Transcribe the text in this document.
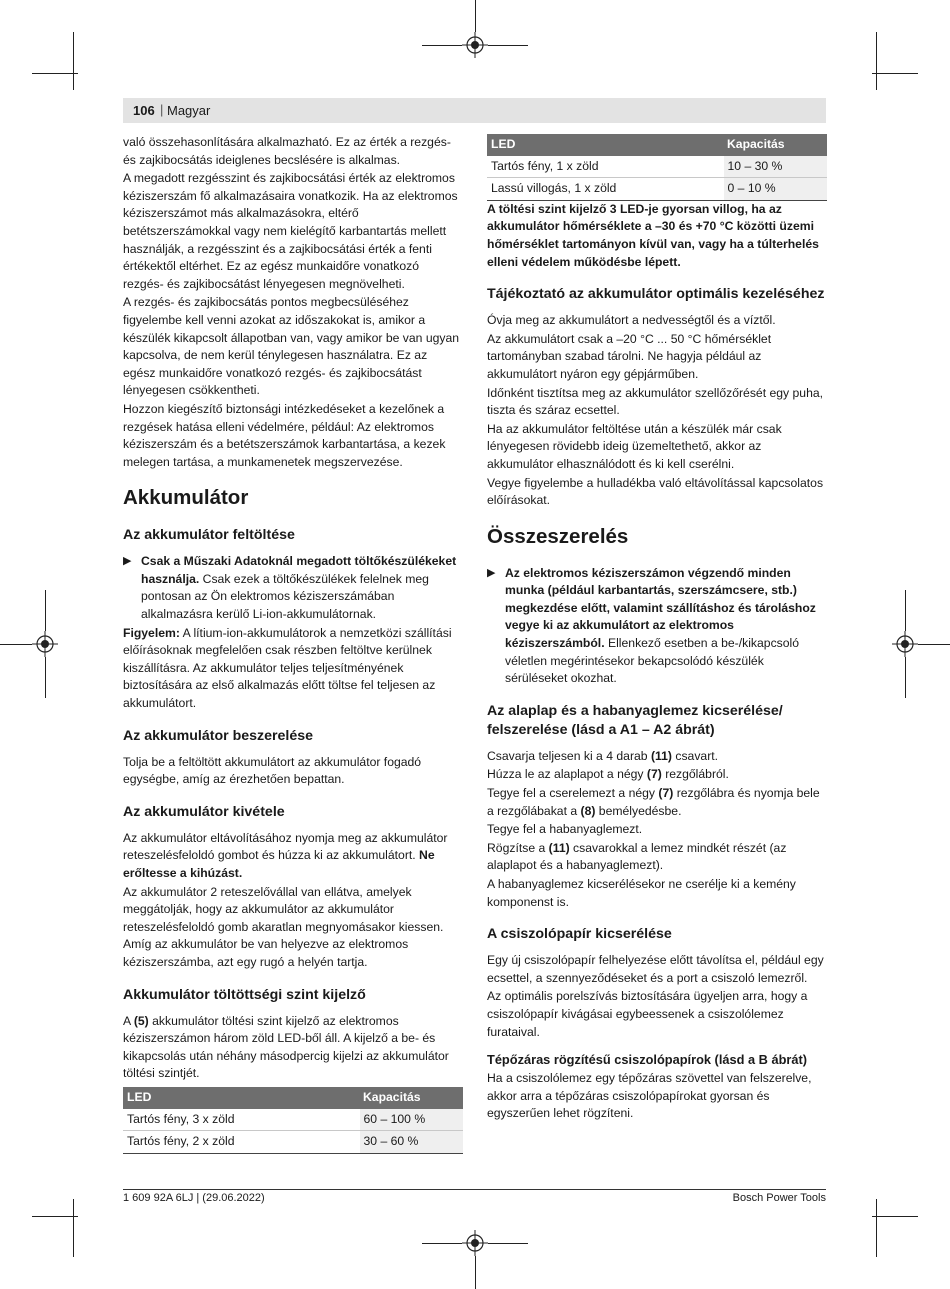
106 | Magyar

való összehasonlítására alkalmazható. Ez az érték a rezgés- és zajkibocsátás ideiglenes becslésére is alkalmas.

A megadott rezgésszint és zajkibocsátási érték az elektromos kéziszerszám fő alkalmazásaira vonatkozik. Ha az elektromos kéziszerszámot más alkalmazásokra, eltérő betétszerszámokkal vagy nem kielégítő karbantartás mellett használják, a rezgésszint és a zajkibocsátási érték a fenti értékektől eltérhet. Ez az egész munkaidőre vonatkozó rezgés- és zajkibocsátást lényegesen megnövelheti.

A rezgés- és zajkibocsátás pontos megbecsüléséhez figyelembe kell venni azokat az időszakokat is, amikor a készülék kikapcsolt állapotban van, vagy amikor be van ugyan kapcsolva, de nem kerül ténylegesen használatra. Ez az egész munkaidőre vonatkozó rezgés- és zajkibocsátást lényegesen csökkentheti.

Hozzon kiegészítő biztonsági intézkedéseket a kezelőnek a rezgések hatása elleni védelmére, például: Az elektromos kéziszerszám és a betétszerszámok karbantartása, a kezek melegen tartása, a munkamenetek megszervezése.

Akkumulátor
Az akkumulátor feltöltése
▶ Csak a Műszaki Adatoknál megadott töltőkészülékeket használja. Csak ezek a töltőkészülékek felelnek meg pontosan az Ön elektromos kéziszerszámában alkalmazásra kerülő Li-ion-akkumulátornak.

Figyelem: A lítium-ion-akkumulátorok a nemzetközi szállítási előírásoknak megfelelően csak részben feltöltve kerülnek kiszállításra. Az akkumulátor teljes teljesítményének biztosítására az első alkalmazás előtt töltse fel teljesen az akkumulátort.

Az akkumulátor beszerelése

Tolja be a feltöltött akkumulátort az akkumulátor fogadó egységbe, amíg az érezhetően bepattan.

Az akkumulátor kivétele

Az akkumulátor eltávolításához nyomja meg az akkumulátor reteszelésfeloldó gombot és húzza ki az akkumulátort. Ne erőltesse a kihúzást.

Az akkumulátor 2 reteszelővállal van ellátva, amelyek meggátolják, hogy az akkumulátor az akkumulátor reteszelésfeloldó gomb akaratlan megnyomásakor kiessen. Amíg az akkumulátor be van helyezve az elektromos kéziszerszámba, azt egy rugó a helyén tartja.

Akkumulátor töltöttségi szint kijelző

A (5) akkumulátor töltési szint kijelző az elektromos kéziszerszámon három zöld LED-ből áll. A kijelző a be- és kikapcsolás után néhány másodpercig kijelzi az akkumulátor töltési szintjét.

LED	Kapacitás
Tartós fény, 3 x zöld	60 – 100 %
Tartós fény, 2 x zöld	30 – 60 %
LED	Kapacitás
Tartós fény, 1 x zöld	10 – 30 %
Lassú villogás, 1 x zöld	0 – 10 %

A töltési szint kijelző 3 LED-je gyorsan villog, ha az akkumulátor hőmérséklete a –30 és +70 °C közötti üzemi hőmérséklet tartományon kívül van, vagy ha a túlterhelés elleni védelem működésbe lépett.

Tájékoztató az akkumulátor optimális kezeléséhez

Óvja meg az akkumulátort a nedvességtől és a víztől.

Az akkumulátort csak a –20 °C ... 50 °C hőmérséklet tartományban szabad tárolni. Ne hagyja például az akkumulátort nyáron egy gépjárműben.

Időnként tisztítsa meg az akkumulátor szellőzőrését egy puha, tiszta és száraz ecsettel.

Ha az akkumulátor feltöltése után a készülék már csak lényegesen rövidebb ideig üzemeltethető, akkor az akkumulátor elhasználódott és ki kell cserélni.

Vegye figyelembe a hulladékba való eltávolítással kapcsolatos előírásokat.

Összeszerelés
▶ Az elektromos kéziszerszámon végzendő minden munka (például karbantartás, szerszámcsere, stb.) megkezdése előtt, valamint szállításhoz és tároláshoz vegye ki az akkumulátort az elektromos kéziszerszámból. Ellenkező esetben a be-/kikapcsoló véletlen megérintésekor bekapcsolódó készülék sérüléseket okozhat.
Az alaplap és a habanyaglemez kicserélése/ felszerelése (lásd a A1 – A2 ábrát)

Csavarja teljesen ki a 4 darab (11) csavart.

Húzza le az alaplapot a négy (7) rezgőlábról.

Tegye fel a cserelemezt a négy (7) rezgőlábra és nyomja bele a rezgőlábakat a (8) bemélyedésbe.

Tegye fel a habanyaglemezt.

Rögzítse a (11) csavarokkal a lemez mindkét részét (az alaplapot és a habanyaglemezt).

A habanyaglemez kicserélésekor ne cserélje ki a kemény komponenst is.

A csiszolópapír kicserélése

Egy új csiszolópapír felhelyezése előtt távolítsa el, például egy ecsettel, a szennyeződéseket és a port a csiszoló lemezről.

Az optimális porelszívás biztosítására ügyeljen arra, hogy a csiszolópapír kivágásai egybeessenek a csiszolólemez furataival.

Tépőzáras rögzítésű csiszolópapírok (lásd a B ábrát)

Ha a csiszolólemez egy tépőzáras szövettel van felszerelve, akkor arra a tépőzáras csiszolópapírokat gyorsan és egyszerűen lehet rögzíteni.

1 609 92A 6LJ | (29.06.2022)	Bosch Power Tools
